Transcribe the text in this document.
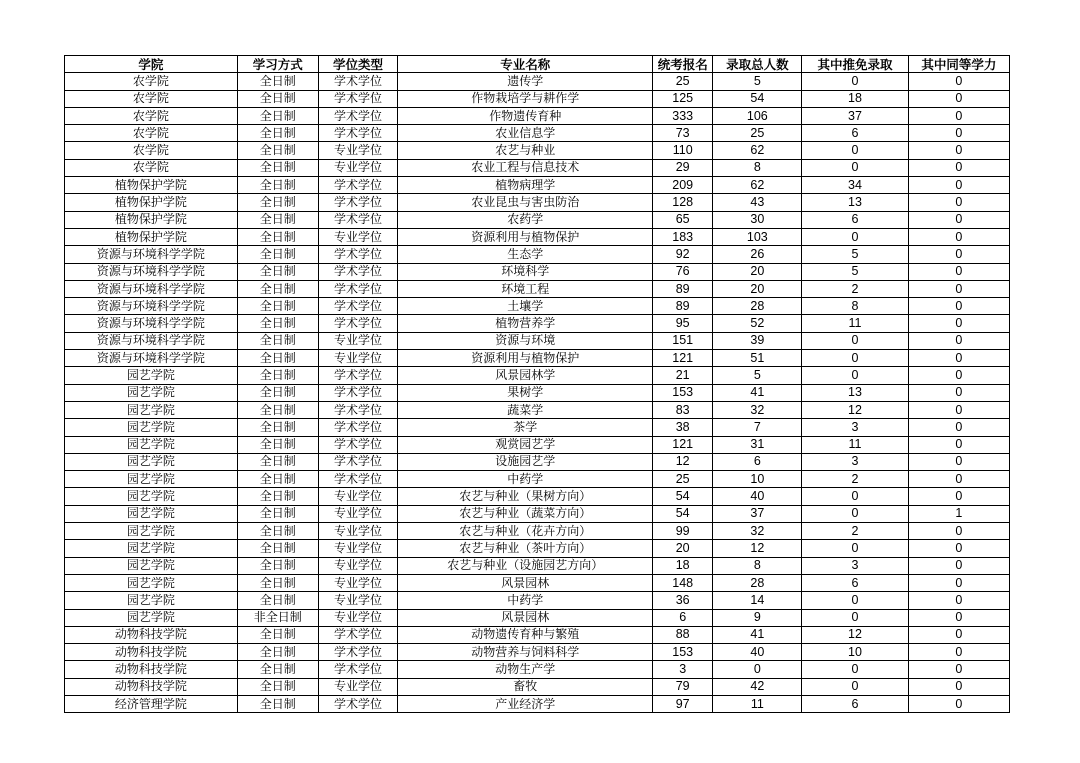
学院	学习方式	学位类型	专业名称	统考报名	录取总人数	其中推免录取	其中同等学力
农学院	全日制	学术学位	遗传学	25	5	0	0
农学院	全日制	学术学位	作物栽培学与耕作学	125	54	18	0
农学院	全日制	学术学位	作物遗传育种	333	106	37	0
农学院	全日制	学术学位	农业信息学	73	25	6	0
农学院	全日制	专业学位	农艺与种业	110	62	0	0
农学院	全日制	专业学位	农业工程与信息技术	29	8	0	0
植物保护学院	全日制	学术学位	植物病理学	209	62	34	0
植物保护学院	全日制	学术学位	农业昆虫与害虫防治	128	43	13	0
植物保护学院	全日制	学术学位	农药学	65	30	6	0
植物保护学院	全日制	专业学位	资源利用与植物保护	183	103	0	0
资源与环境科学学院	全日制	学术学位	生态学	92	26	5	0
资源与环境科学学院	全日制	学术学位	环境科学	76	20	5	0
资源与环境科学学院	全日制	学术学位	环境工程	89	20	2	0
资源与环境科学学院	全日制	学术学位	土壤学	89	28	8	0
资源与环境科学学院	全日制	学术学位	植物营养学	95	52	11	0
资源与环境科学学院	全日制	专业学位	资源与环境	151	39	0	0
资源与环境科学学院	全日制	专业学位	资源利用与植物保护	121	51	0	0
园艺学院	全日制	学术学位	风景园林学	21	5	0	0
园艺学院	全日制	学术学位	果树学	153	41	13	0
园艺学院	全日制	学术学位	蔬菜学	83	32	12	0
园艺学院	全日制	学术学位	茶学	38	7	3	0
园艺学院	全日制	学术学位	观赏园艺学	121	31	11	0
园艺学院	全日制	学术学位	设施园艺学	12	6	3	0
园艺学院	全日制	学术学位	中药学	25	10	2	0
园艺学院	全日制	专业学位	农艺与种业（果树方向）	54	40	0	0
园艺学院	全日制	专业学位	农艺与种业（蔬菜方向）	54	37	0	1
园艺学院	全日制	专业学位	农艺与种业（花卉方向）	99	32	2	0
园艺学院	全日制	专业学位	农艺与种业（茶叶方向）	20	12	0	0
园艺学院	全日制	专业学位	农艺与种业（设施园艺方向）	18	8	3	0
园艺学院	全日制	专业学位	风景园林	148	28	6	0
园艺学院	全日制	专业学位	中药学	36	14	0	0
园艺学院	非全日制	专业学位	风景园林	6	9	0	0
动物科技学院	全日制	学术学位	动物遗传育种与繁殖	88	41	12	0
动物科技学院	全日制	学术学位	动物营养与饲料科学	153	40	10	0
动物科技学院	全日制	学术学位	动物生产学	3	0	0	0
动物科技学院	全日制	专业学位	畜牧	79	42	0	0
经济管理学院	全日制	学术学位	产业经济学	97	11	6	0
